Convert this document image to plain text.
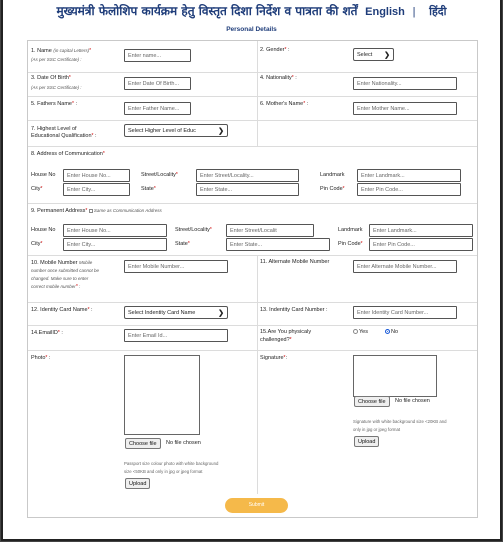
मुख्यमंत्री फेलोशिप कार्यक्रम हेतु विस्तृत दिशा निर्देश व पात्रता की शर्तें English | हिंदी
Personal Details
1. Name (in capital Letters)*
(As per SSC Certificate) :
Enter name...
2. Gender* :
Select ❯
3. Date Of Birth*
(As per SSC Certificate) :
Enter Date Of Birth...
4. Nationality* :
Enter Nationality...
5. Fathers Name* :
Enter Father Name...
6. Mother's Name* :
Enter Mother Name...
7. Highest Level of
Educational Qualification* :
Select Higher Level of Educ	❯
8. Address of Communication*
House No	Enter House No...	Street/Locality*	Enter Street/Locality...	Landmark	Enter Landmark...
City*	Enter City...	State*	Enter State...	Pin Code*	Enter Pin Code...
9. Permanent Address* Same as Communication Address
House No	Enter House No...	Street/Locality*	Enter Street/Localit	Landmark	Enter Landmark...
City*	Enter City...	State*	Enter State...	Pin Code*	Enter Pin Code...
10. Mobile Number Mobile
number once submitted cannot be
changed. Make sure to enter
correct mobile number* :
Enter Mobile Number...
11. Alternate Mobile Number
Enter Alternate Mobile Number...
12. Identity Card Name* :	Select Indentity Card Name	❯	13. Indentity Card Number :	Enter Identity Card Number...
14.EmailID* :	Enter Email Id...
15.Are You physicaly
challenged?*
Yes	No
Photo* :
Choose file	No file chosen
Passport size colour photo with white background
size <50KB and only in jpg or jpeg format
Upload
Signature*:
Choose file	No file chosen
Signature with white background size <20KB and
only in jpg or jpeg format
Upload
Submit
